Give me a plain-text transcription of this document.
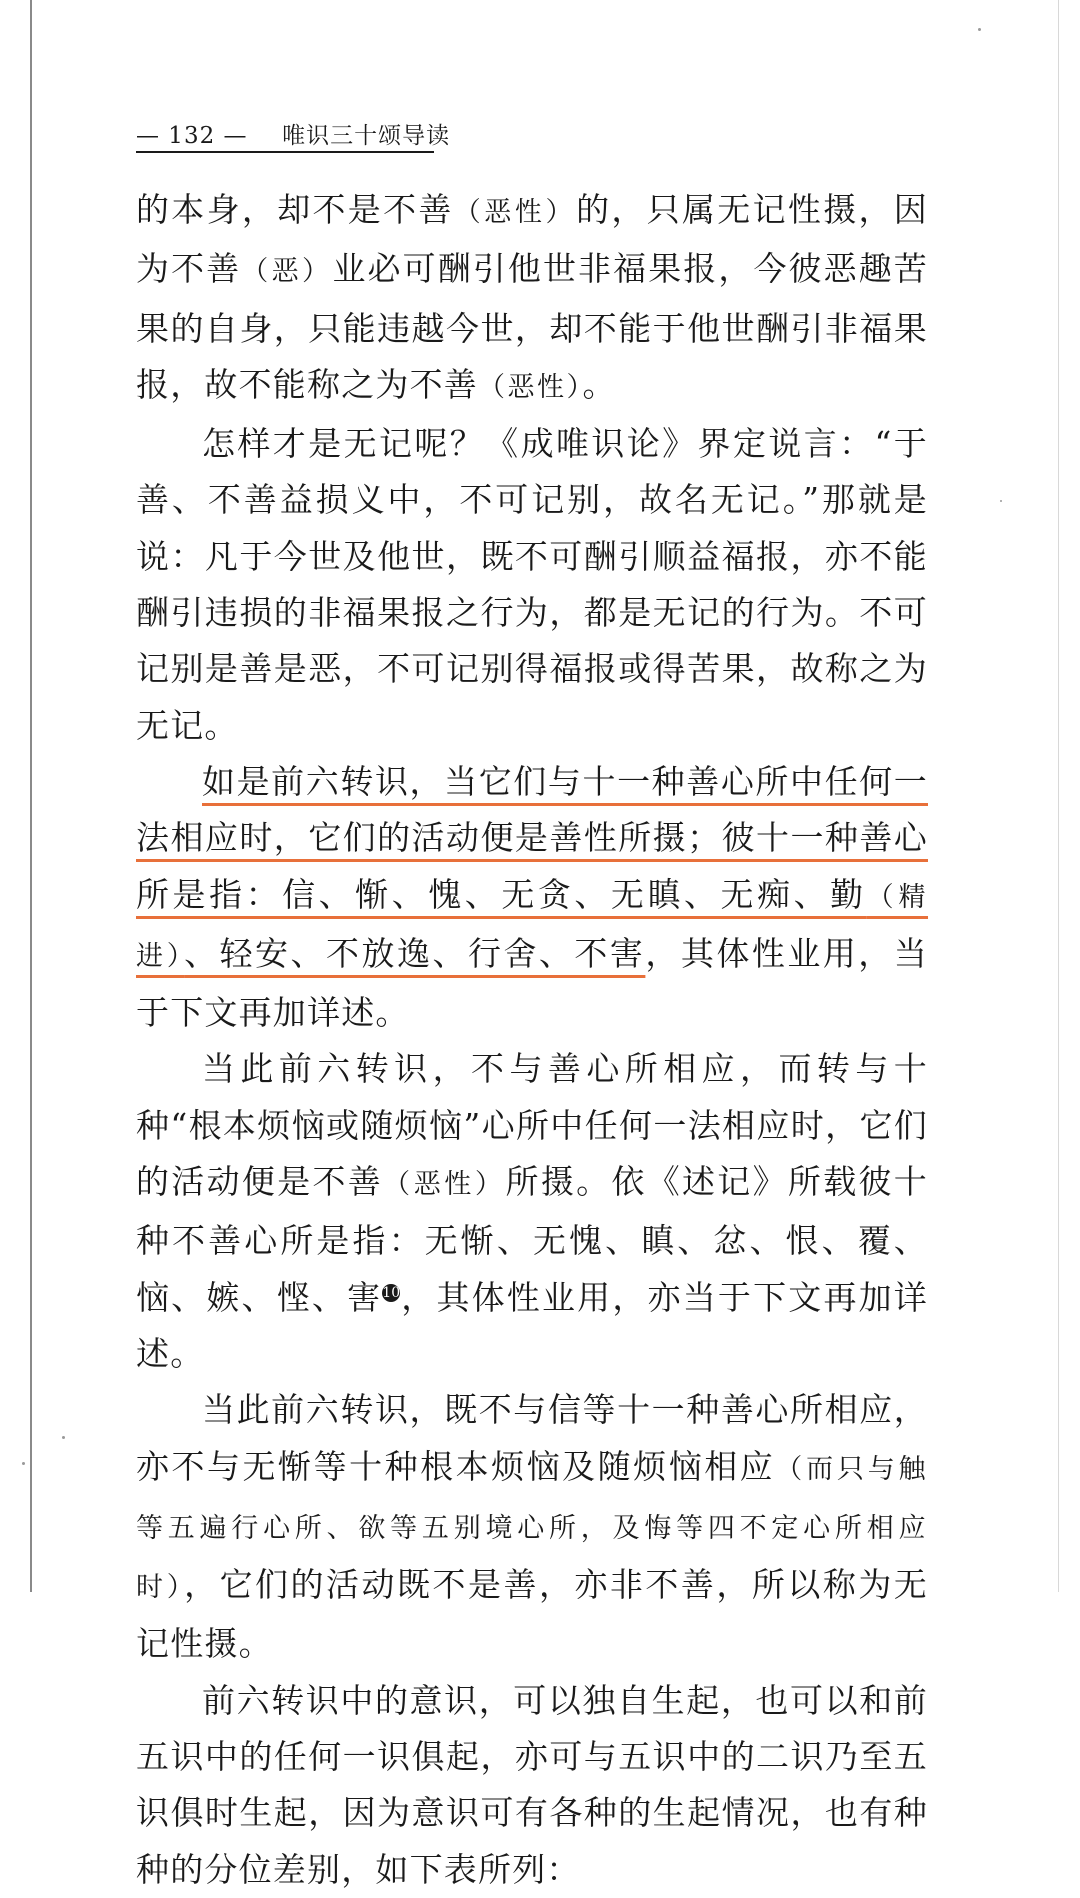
— 132 — 唯识三十颂导读

的本身，却不是不善（恶性）的，只属无记性摄，因为不善（恶）业必可酬引他世非福果报，今彼恶趣苦果的自身，只能违越今世，却不能于他世酬引非福果报，故不能称之为不善（恶性）。

怎样才是无记呢？《成唯识论》界定说言：“于善、不善益损义中，不可记别，故名无记。”那就是说：凡于今世及他世，既不可酬引顺益福报，亦不能酬引违损的非福果报之行为，都是无记的行为。不可记别是善是恶，不可记别得福报或得苦果，故称之为无记。

如是前六转识，当它们与十一种善心所中任何一法相应时，它们的活动便是善性所摄；彼十一种善心所是指：信、惭、愧、无贪、无瞋、无痴、勤（精进）、轻安、不放逸、行舍、不害，其体性业用，当于下文再加详述。

当此前六转识，不与善心所相应，而转与十种“根本烦恼或随烦恼”心所中任何一法相应时，它们的活动便是不善（恶性）所摄。依《述记》所载彼十种不善心所是指：无惭、无愧、瞋、忿、恨、覆、恼、嫉、悭、害10，其体性业用，亦当于下文再加详述。

当此前六转识，既不与信等十一种善心所相应，亦不与无惭等十种根本烦恼及随烦恼相应（而只与触等五遍行心所、欲等五别境心所，及悔等四不定心所相应时），它们的活动既不是善，亦非不善，所以称为无记性摄。

前六转识中的意识，可以独自生起，也可以和前五识中的任何一识俱起，亦可与五识中的二识乃至五识俱时生起，因为意识可有各种的生起情况，也有种种的分位差别，如下表所列：
